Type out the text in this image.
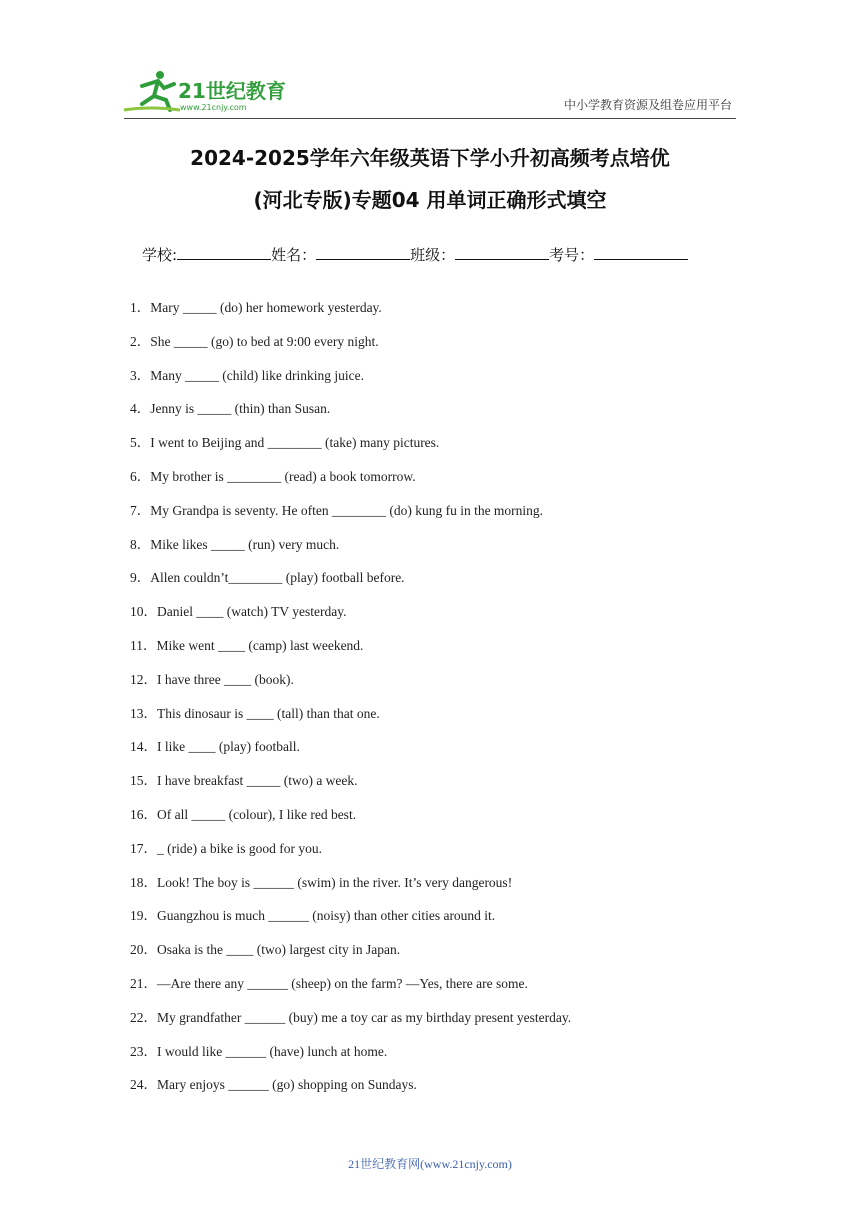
21世纪教育
www.21cnjy.com	中小学教育资源及组卷应用平台
2024-2025学年六年级英语下学小升初高频考点培优
(河北专版)专题04 用单词正确形式填空
学校:	姓名：	班级：	考号：
1．Mary _____ (do) her homework yesterday.
2．She _____ (go) to bed at 9:00 every night.
3．Many _____ (child) like drinking juice.
4．Jenny is _____ (thin) than Susan.
5．I went to Beijing and ________ (take) many pictures.
6．My brother is ________ (read) a book tomorrow.
7．My Grandpa is seventy. He often ________ (do) kung fu in the morning.
8．Mike likes _____ (run) very much.
9．Allen couldn’t________ (play) football before.
10．Daniel ____ (watch) TV yesterday.
11．Mike went ____ (camp) last weekend.
12．I have three ____ (book).
13．This dinosaur is ____ (tall) than that one.
14．I like ____ (play) football.
15．I have breakfast _____ (two) a week.
16．Of all _____ (colour), I like red best.
17．_ (ride) a bike is good for you.
18．Look! The boy is ______ (swim) in the river. It’s very dangerous!
19．Guangzhou is much ______ (noisy) than other cities around it.
20．Osaka is the ____ (two) largest city in Japan.
21．—Are there any ______ (sheep) on the farm? —Yes, there are some.
22．My grandfather ______ (buy) me a toy car as my birthday present yesterday.
23．I would like ______ (have) lunch at home.
24．Mary enjoys ______ (go) shopping on Sundays.
21世纪教育网(www.21cnjy.com)
